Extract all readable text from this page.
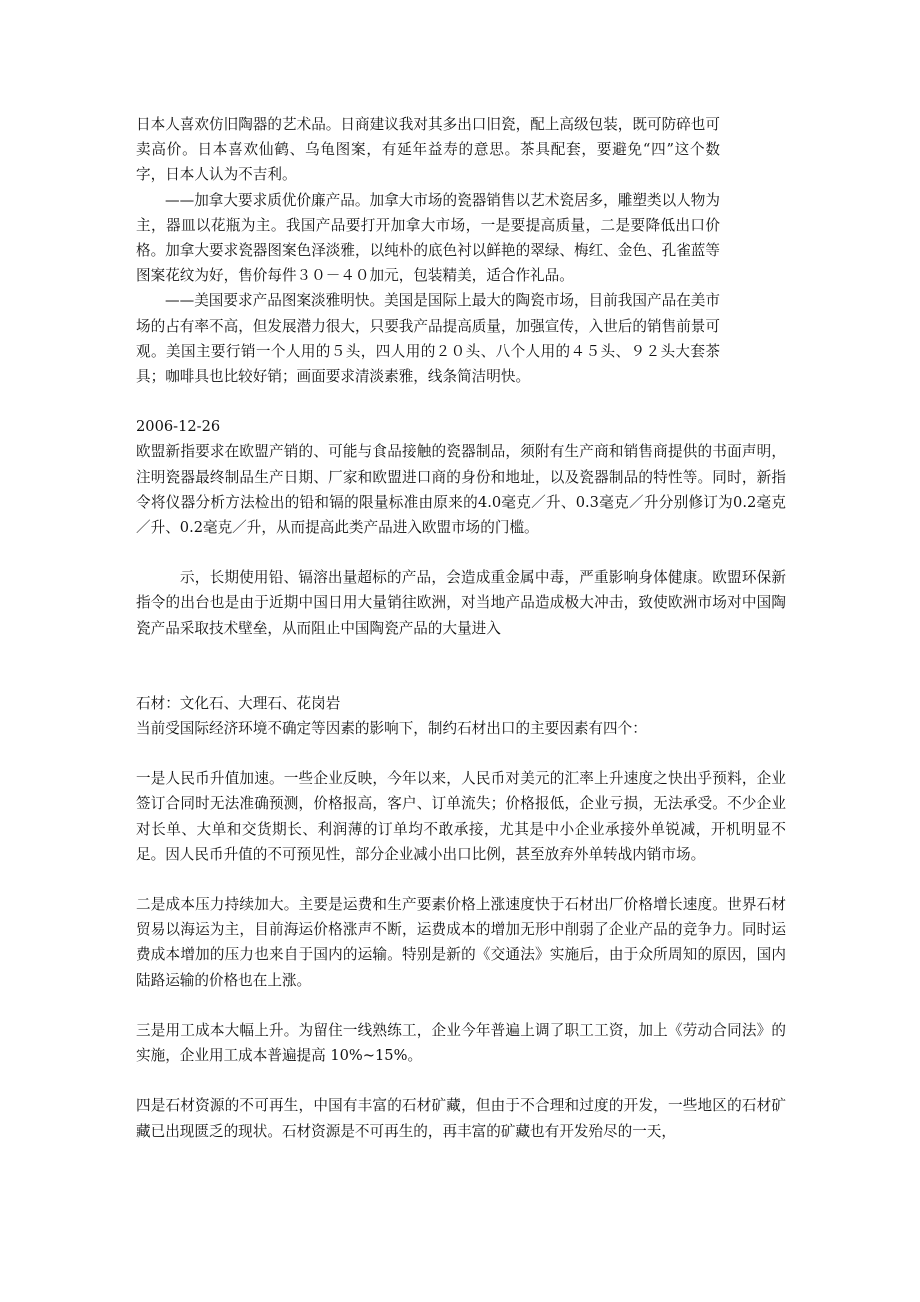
日本人喜欢仿旧陶器的艺术品。日商建议我对其多出口旧瓷，配上高级包装，既可防碎也可卖高价。日本喜欢仙鹤、乌龟图案，有延年益寿的意思。茶具配套，要避免“四”这个数字，日本人认为不吉利。

——加拿大要求质优价廉产品。加拿大市场的瓷器销售以艺术瓷居多，雕塑类以人物为主，器皿以花瓶为主。我国产品要打开加拿大市场，一是要提高质量，二是要降低出口价格。加拿大要求瓷器图案色泽淡雅，以纯朴的底色衬以鲜艳的翠绿、梅红、金色、孔雀蓝等图案花纹为好，售价每件３０－４０加元，包装精美，适合作礼品。

——美国要求产品图案淡雅明快。美国是国际上最大的陶瓷市场，目前我国产品在美市场的占有率不高，但发展潜力很大，只要我产品提高质量，加强宣传，入世后的销售前景可观。美国主要行销一个人用的５头，四人用的２０头、八个人用的４５头、９２头大套茶具；咖啡具也比较好销；画面要求清淡素雅，线条简洁明快。

2006-12-26

欧盟新指要求在欧盟产销的、可能与食品接触的瓷器制品，须附有生产商和销售商提供的书面声明，注明瓷器最终制品生产日期、厂家和欧盟进口商的身份和地址，以及瓷器制品的特性等。同时，新指令将仪器分析方法检出的铅和镉的限量标准由原来的4.0毫克／升、0.3毫克／升分别修订为0.2毫克／升、0.2毫克／升，从而提高此类产品进入欧盟市场的门槛。

示，长期使用铅、镉溶出量超标的产品，会造成重金属中毒，严重影响身体健康。欧盟环保新指令的出台也是由于近期中国日用大量销往欧洲，对当地产品造成极大冲击，致使欧洲市场对中国陶瓷产品采取技术壁垒，从而阻止中国陶瓷产品的大量进入

石材：文化石、大理石、花岗岩

当前受国际经济环境不确定等因素的影响下，制约石材出口的主要因素有四个：

一是人民币升值加速。一些企业反映，今年以来，人民币对美元的汇率上升速度之快出乎预料，企业签订合同时无法准确预测，价格报高，客户、订单流失；价格报低，企业亏损，无法承受。不少企业对长单、大单和交货期长、利润薄的订单均不敢承接，尤其是中小企业承接外单锐减，开机明显不足。因人民币升值的不可预见性，部分企业减小出口比例，甚至放弃外单转战内销市场。

二是成本压力持续加大。主要是运费和生产要素价格上涨速度快于石材出厂价格增长速度。世界石材贸易以海运为主，目前海运价格涨声不断，运费成本的增加无形中削弱了企业产品的竞争力。同时运费成本增加的压力也来自于国内的运输。特别是新的《交通法》实施后，由于众所周知的原因，国内陆路运输的价格也在上涨。

三是用工成本大幅上升。为留住一线熟练工，企业今年普遍上调了职工工资，加上《劳动合同法》的实施，企业用工成本普遍提高 10%~15%。

四是石材资源的不可再生，中国有丰富的石材矿藏，但由于不合理和过度的开发，一些地区的石材矿藏已出现匮乏的现状。石材资源是不可再生的，再丰富的矿藏也有开发殆尽的一天，
